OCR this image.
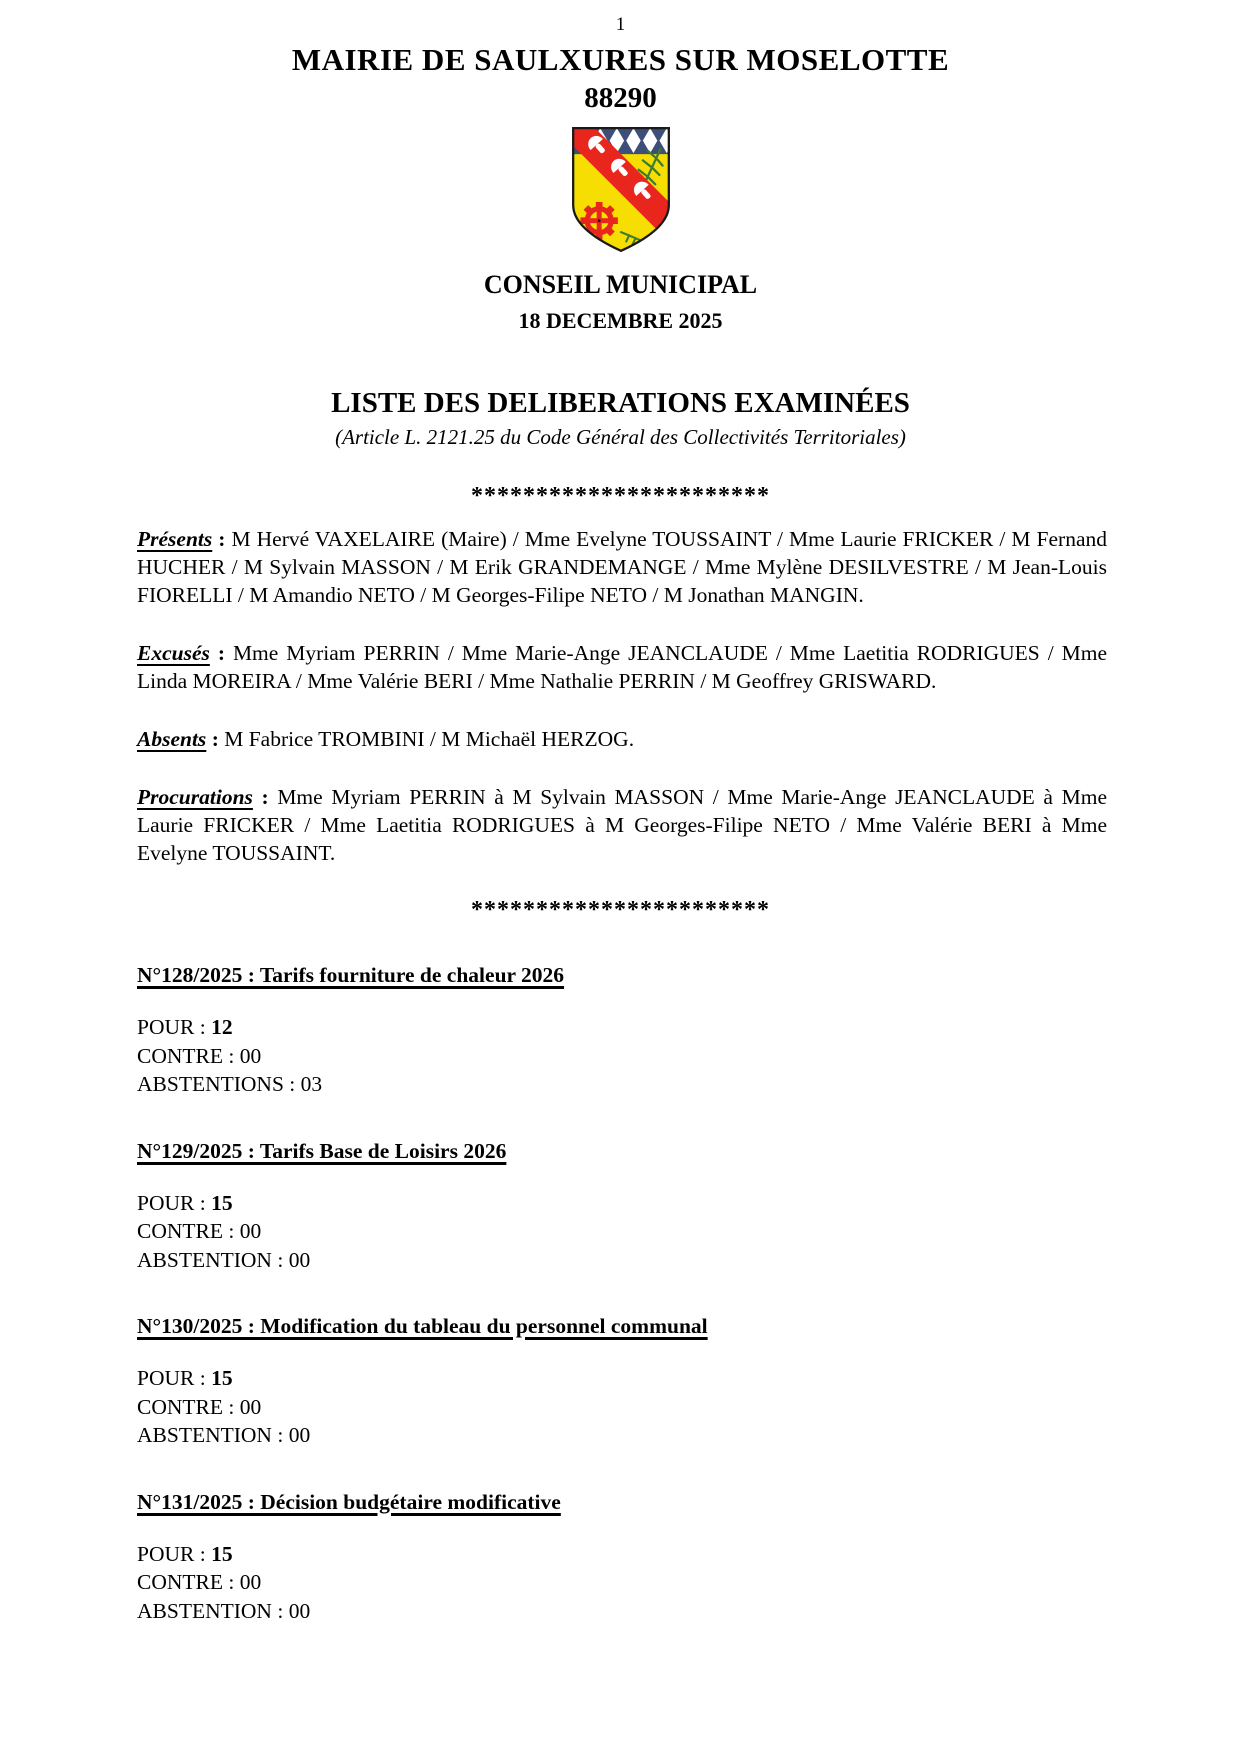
1
MAIRIE DE SAULXURES SUR MOSELOTTE
88290
CONSEIL MUNICIPAL
18 DECEMBRE 2025
LISTE DES DELIBERATIONS EXAMINÉES
(Article L. 2121.25 du Code Général des Collectivités Territoriales)
***********************

Présents : M Hervé VAXELAIRE (Maire) / Mme Evelyne TOUSSAINT / Mme Laurie FRICKER / M Fernand HUCHER / M Sylvain MASSON / M Erik GRANDEMANGE / Mme Mylène DESILVESTRE / M Jean-Louis FIORELLI / M Amandio NETO / M Georges-Filipe NETO / M Jonathan MANGIN.

Excusés : Mme Myriam PERRIN / Mme Marie-Ange JEANCLAUDE / Mme Laetitia RODRIGUES / Mme Linda MOREIRA / Mme Valérie BERI / Mme Nathalie PERRIN / M Geoffrey GRISWARD.

Absents : M Fabrice TROMBINI / M Michaël HERZOG.

Procurations : Mme Myriam PERRIN à M Sylvain MASSON / Mme Marie-Ange JEANCLAUDE à Mme Laurie FRICKER / Mme Laetitia RODRIGUES à M Georges-Filipe NETO / Mme Valérie BERI à Mme Evelyne TOUSSAINT.

***********************
N°128/2025 : Tarifs fourniture de chaleur 2026

POUR : 12

CONTRE : 00

ABSTENTIONS : 03

N°129/2025 : Tarifs Base de Loisirs 2026

POUR : 15

CONTRE : 00

ABSTENTION : 00

N°130/2025 : Modification du tableau du personnel communal

POUR : 15

CONTRE : 00

ABSTENTION : 00

N°131/2025 : Décision budgétaire modificative

POUR : 15

CONTRE : 00

ABSTENTION : 00
